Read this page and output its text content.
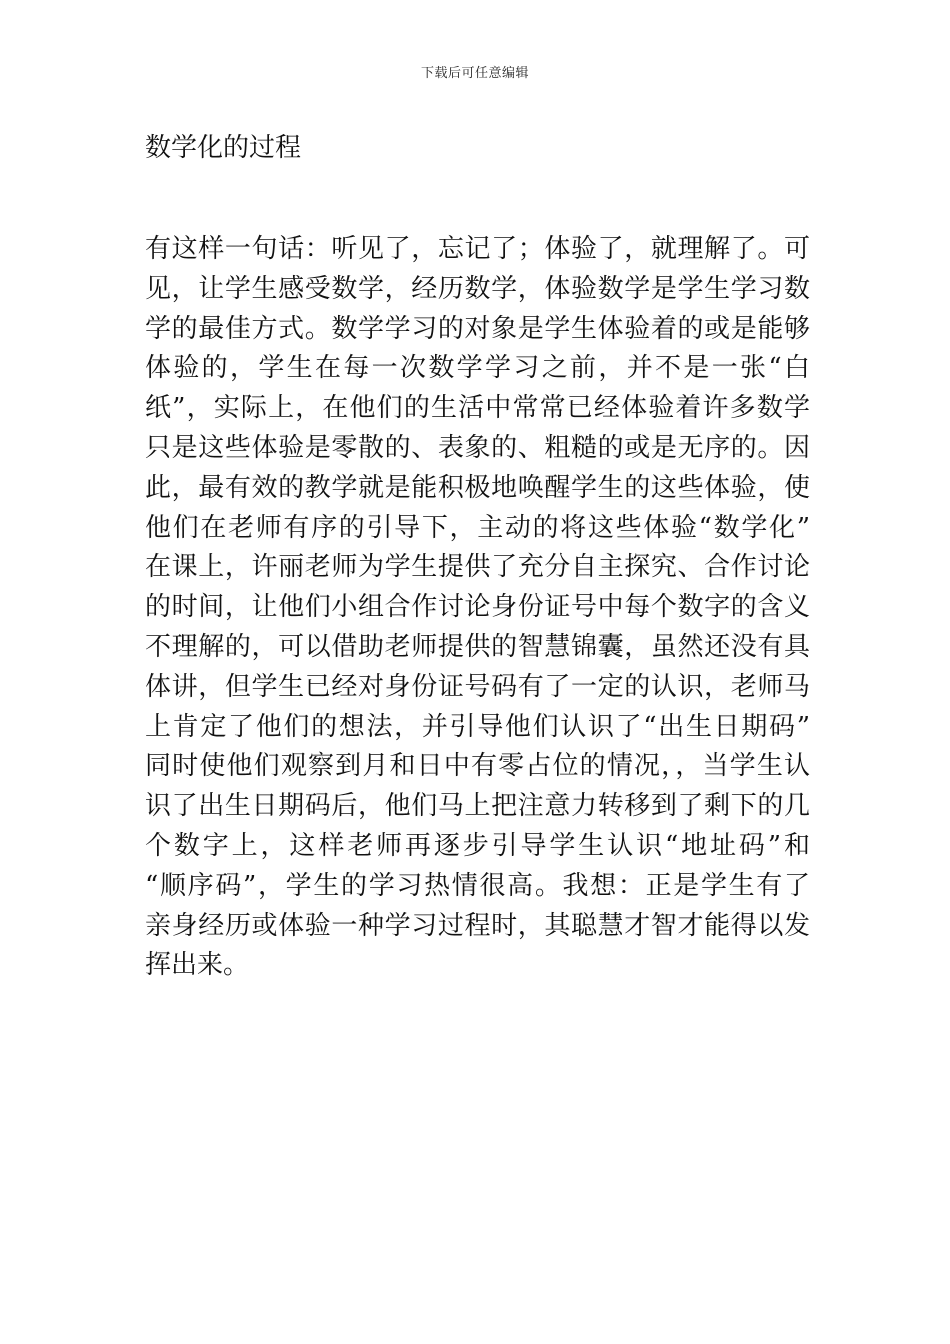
下载后可任意编辑
数学化的过程
有这样一句话：听见了，忘记了；体验了，就理解了。可
见，让学生感受数学，经历数学，体验数学是学生学习数
学的最佳方式。数学学习的对象是学生体验着的或是能够
体验的，学生在每一次数学学习之前，并不是一张“白
纸”，实际上，在他们的生活中常常已经体验着许多数学
只是这些体验是零散的、表象的、粗糙的或是无序的。因
此，最有效的教学就是能积极地唤醒学生的这些体验，使
他们在老师有序的引导下，主动的将这些体验“数学化”
在课上，许丽老师为学生提供了充分自主探究、合作讨论
的时间，让他们小组合作讨论身份证号中每个数字的含义
不理解的，可以借助老师提供的智慧锦囊，虽然还没有具
体讲，但学生已经对身份证号码有了一定的认识，老师马
上肯定了他们的想法，并引导他们认识了“出生日期码”
同时使他们观察到月和日中有零占位的情况，，当学生认
识了出生日期码后，他们马上把注意力转移到了剩下的几
个数字上，这样老师再逐步引导学生认识“地址码”和
“顺序码”，学生的学习热情很高。我想：正是学生有了
亲身经历或体验一种学习过程时，其聪慧才智才能得以发
挥出来。
